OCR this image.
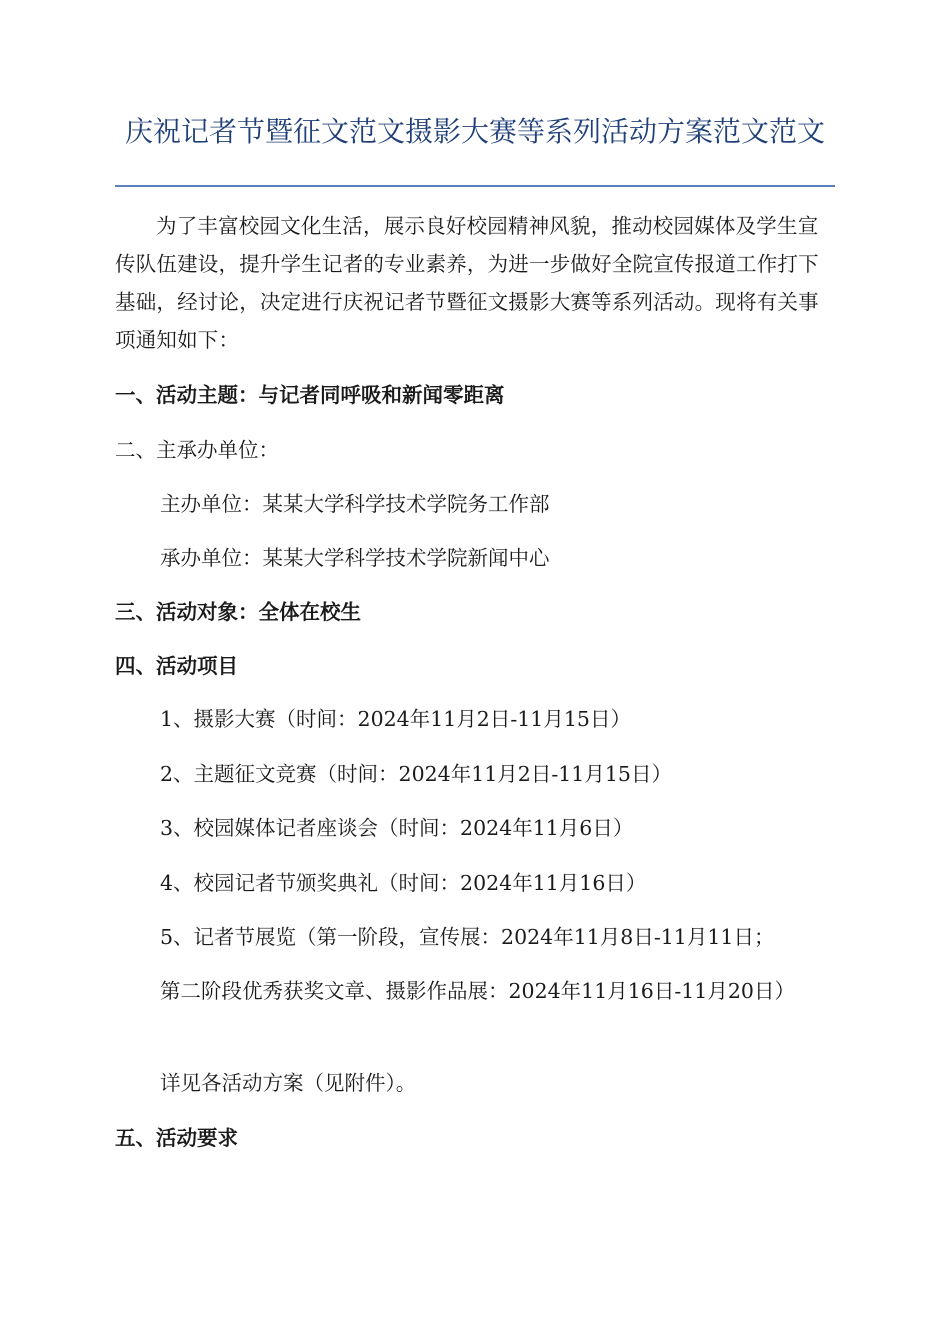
庆祝记者节暨征文范文摄影大赛等系列活动方案范文范文

为了丰富校园文化生活，展示良好校园精神风貌，推动校园媒体及学生宣传队伍建设，提升学生记者的专业素养，为进一步做好全院宣传报道工作打下基础，经讨论，决定进行庆祝记者节暨征文摄影大赛等系列活动。现将有关事项通知如下：

一、活动主题：与记者同呼吸和新闻零距离

二、主承办单位：

主办单位：某某大学科学技术学院务工作部

承办单位：某某大学科学技术学院新闻中心

三、活动对象：全体在校生

四、活动项目

1、摄影大赛（时间：2024年11月2日-11月15日）

2、主题征文竞赛（时间：2024年11月2日-11月15日）

3、校园媒体记者座谈会（时间：2024年11月6日）

4、校园记者节颁奖典礼（时间：2024年11月16日）

5、记者节展览（第一阶段，宣传展：2024年11月8日-11月11日；

第二阶段优秀获奖文章、摄影作品展：2024年11月16日-11月20日）

详见各活动方案（见附件）。

五、活动要求
